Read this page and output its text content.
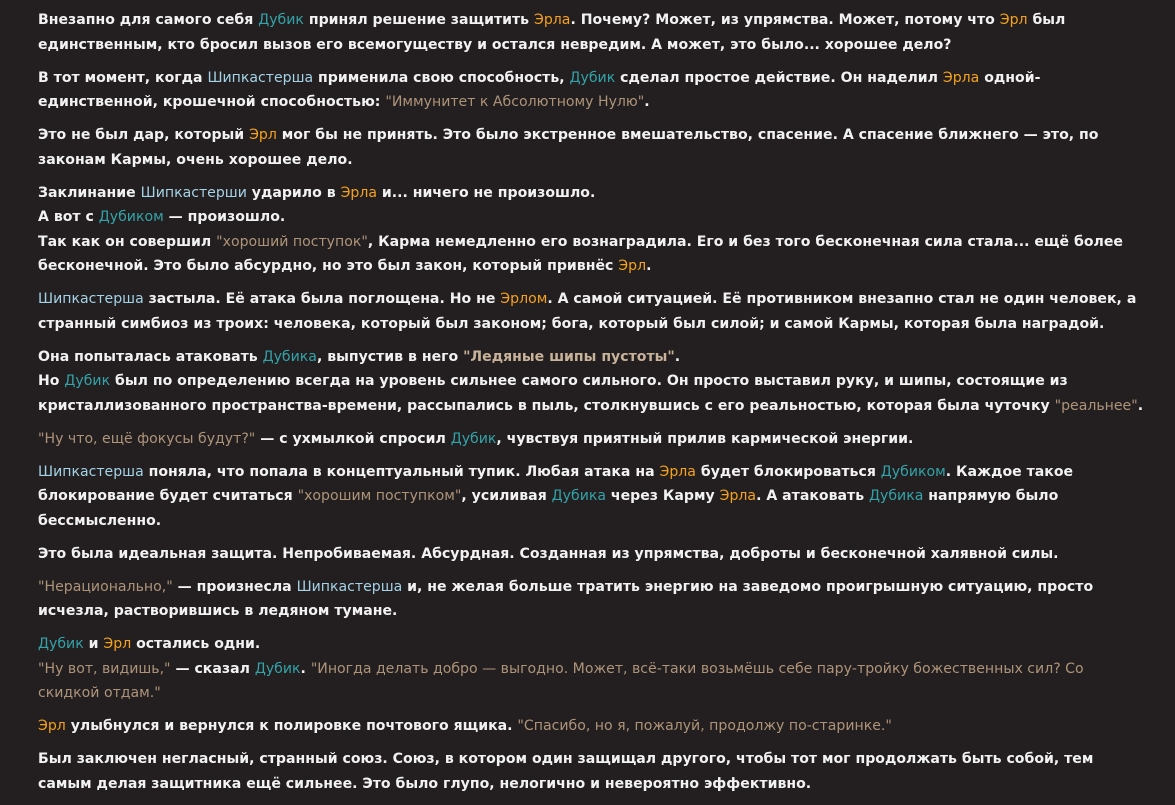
Внезапно для самого себя Дубик принял решение защитить Эрла. Почему? Может, из упрямства. Может, потому что Эрл был единственным, кто бросил вызов его всемогуществу и остался невредим. А может, это было... хорошее дело?

В тот момент, когда Шипкастерша применила свою способность, Дубик сделал простое действие. Он наделил Эрла одной-единственной, крошечной способностью: "Иммунитет к Абсолютному Нулю".

Это не был дар, который Эрл мог бы не принять. Это было экстренное вмешательство, спасение. А спасение ближнего — это, по законам Кармы, очень хорошее дело.

Заклинание Шипкастерши ударило в Эрла и... ничего не произошло.
А вот с Дубиком — произошло.
Так как он совершил "хороший поступок", Карма немедленно его вознаградила. Его и без того бесконечная сила стала... ещё более бесконечной. Это было абсурдно, но это был закон, который привнёс Эрл.

Шипкастерша застыла. Её атака была поглощена. Но не Эрлом. А самой ситуацией. Её противником внезапно стал не один человек, а странный симбиоз из троих: человека, который был законом; бога, который был силой; и самой Кармы, которая была наградой.

Она попыталась атаковать Дубика, выпустив в него "Ледяные шипы пустоты".
Но Дубик был по определению всегда на уровень сильнее самого сильного. Он просто выставил руку, и шипы, состоящие из кристаллизованного пространства-времени, рассыпались в пыль, столкнувшись с его реальностью, которая была чуточку "реальнее".

"Ну что, ещё фокусы будут?" — с ухмылкой спросил Дубик, чувствуя приятный прилив кармической энергии.

Шипкастерша поняла, что попала в концептуальный тупик. Любая атака на Эрла будет блокироваться Дубиком. Каждое такое блокирование будет считаться "хорошим поступком", усиливая Дубика через Карму Эрла. А атаковать Дубика напрямую было бессмысленно.

Это была идеальная защита. Непробиваемая. Абсурдная. Созданная из упрямства, доброты и бесконечной халявной силы.

"Нерационально," — произнесла Шипкастерша и, не желая больше тратить энергию на заведомо проигрышную ситуацию, просто исчезла, растворившись в ледяном тумане.

Дубик и Эрл остались одни.
"Ну вот, видишь," — сказал Дубик. "Иногда делать добро — выгодно. Может, всё-таки возьмёшь себе пару-тройку божественных сил? Со скидкой отдам."

Эрл улыбнулся и вернулся к полировке почтового ящика. "Спасибо, но я, пожалуй, продолжу по-старинке."

Был заключен негласный, странный союз. Союз, в котором один защищал другого, чтобы тот мог продолжать быть собой, тем самым делая защитника ещё сильнее. Это было глупо, нелогично и невероятно эффективно.
